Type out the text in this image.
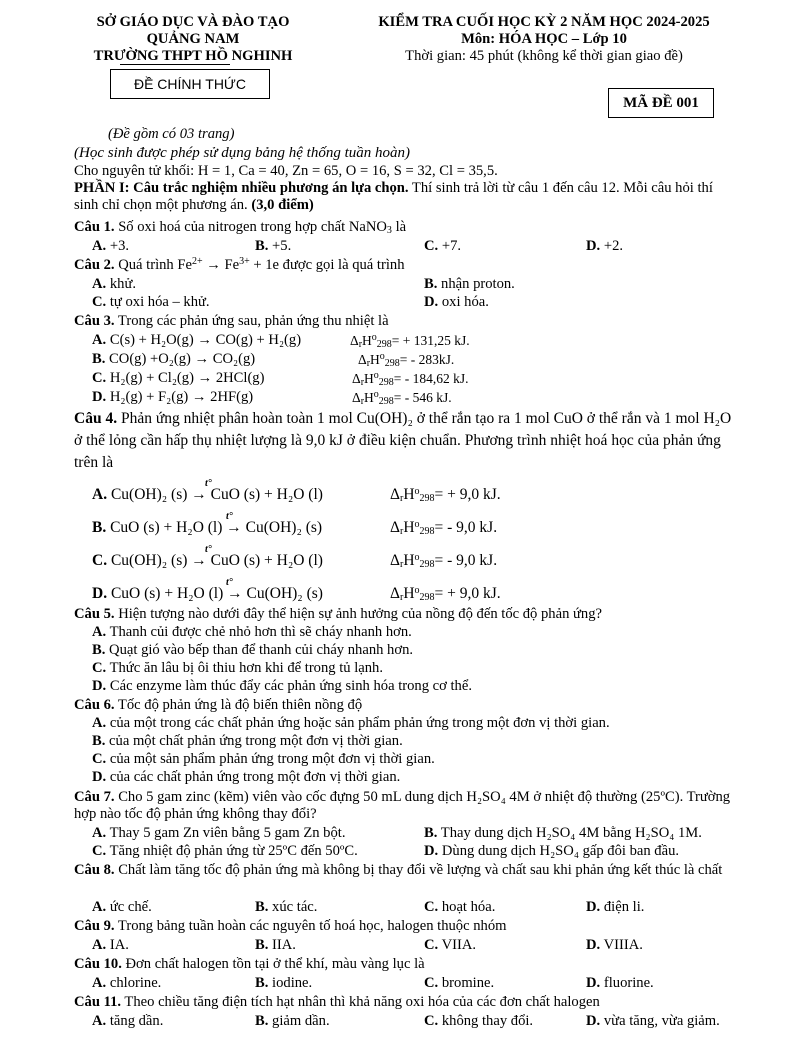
SỞ GIÁO DỤC VÀ ĐÀO TẠO
QUẢNG NAM
TRƯỜNG THPT HỒ NGHINH
ĐỀ CHÍNH THỨC
KIỂM TRA CUỐI HỌC KỲ 2 NĂM HỌC 2024-2025
Môn: HÓA HỌC – Lớp 10
Thời gian: 45 phút (không kể thời gian giao đề)
MÃ ĐỀ 001
(Đề gồm có 03 trang)
(Học sinh được phép sử dụng bảng hệ thống tuần hoàn)
Cho nguyên tử khối: H = 1, Ca = 40, Zn = 65, O = 16, S = 32, Cl = 35,5.
PHẦN I: Câu trắc nghiệm nhiều phương án lựa chọn. Thí sinh trả lời từ câu 1 đến câu 12. Mỗi câu hỏi thí sinh chỉ chọn một phương án. (3,0 điểm)
Câu 1. Số oxi hoá của nitrogen trong hợp chất NaNO$_3$ là
A. +3.	B. +5.	C. +7.	D. +2.
Câu 2. Quá trình $Fe^{2+} \to Fe^{3+} + 1e$ được gọi là quá trình
A. khử.	B. nhận proton.
C. tự oxi hóa – khử.	D. oxi hóa.
Câu 3. Trong các phản ứng sau, phản ứng thu nhiệt là
A. C(s) + H₂O(g) → CO(g) + H₂(g)	$\Delta_rH^o_{298}= + 131,25$ kJ.
B. CO(g) +O₂(g) → CO₂(g)	$\Delta_rH^o_{298}= - 283kJ$.
C. H₂(g) + Cl₂(g) → 2HCl(g)	$\Delta_rH^o_{298}= - 184,62$ kJ.
D. H₂(g) + F₂(g) → 2HF(g)	$\Delta_rH^o_{298}= - 546$ kJ.
Câu 4. Phản ứng nhiệt phân hoàn toàn 1 mol Cu(OH)₂ ở thể rắn tạo ra 1 mol CuO ở thể rắn và 1 mol H₂O ở thể lỏng cần hấp thụ nhiệt lượng là 9,0 kJ ở điều kiện chuẩn. Phương trình nhiệt hoá học của phản ứng trên là
t°
A. Cu(OH)₂ (s) → CuO (s) + H₂O (l)	$\Delta_rH^o_{298}= + 9,0$ kJ.
t°
B. CuO (s) + H₂O (l) → Cu(OH)₂ (s)	$\Delta_rH^o_{298}= - 9,0$ kJ.
t°
C. Cu(OH)₂ (s) → CuO (s) + H₂O (l)	$\Delta_rH^o_{298}= - 9,0$ kJ.
t°
D. CuO (s) + H₂O (l) → Cu(OH)₂ (s)	$\Delta_rH^o_{298}= + 9,0$ kJ.
Câu 5. Hiện tượng nào dưới đây thể hiện sự ảnh hưởng của nồng độ đến tốc độ phản ứng?
A. Thanh củi được chẻ nhỏ hơn thì sẽ cháy nhanh hơn.
B. Quạt gió vào bếp than để thanh củi cháy nhanh hơn.
C. Thức ăn lâu bị ôi thiu hơn khi để trong tủ lạnh.
D. Các enzyme làm thúc đẩy các phản ứng sinh hóa trong cơ thể.
Câu 6. Tốc độ phản ứng là độ biến thiên nồng độ
A. của một trong các chất phản ứng hoặc sản phẩm phản ứng trong một đơn vị thời gian.
B. của một chất phản ứng trong một đơn vị thời gian.
C. của một sản phẩm phản ứng trong một đơn vị thời gian.
D. của các chất phản ứng trong một đơn vị thời gian.
Câu 7. Cho 5 gam zinc (kẽm) viên vào cốc đựng 50 mL dung dịch H₂SO₄ 4M ở nhiệt độ thường (25ºC). Trường hợp nào tốc độ phản ứng không thay đổi?
A. Thay 5 gam Zn viên bằng 5 gam Zn bột.	B. Thay dung dịch H₂SO₄ 4M bằng H₂SO₄ 1M.
C. Tăng nhiệt độ phản ứng từ 25ºC đến 50ºC.	D. Dùng dung dịch H₂SO₄ gấp đôi ban đầu.
Câu 8. Chất làm tăng tốc độ phản ứng mà không bị thay đổi về lượng và chất sau khi phản ứng kết thúc là chất
A. ức chế.	B. xúc tác.	C. hoạt hóa.	D. điện li.
Câu 9. Trong bảng tuần hoàn các nguyên tố hoá học, halogen thuộc nhóm
A. IA.	B. IIA.	C. VIIA.	D. VIIIA.
Câu 10. Đơn chất halogen tồn tại ở thể khí, màu vàng lục là
A. chlorine.	B. iodine.	C. bromine.	D. fluorine.
Câu 11. Theo chiều tăng điện tích hạt nhân thì khả năng oxi hóa của các đơn chất halogen
A. tăng dần.	B. giảm dần.	C. không thay đổi.	D. vừa tăng, vừa giảm.
